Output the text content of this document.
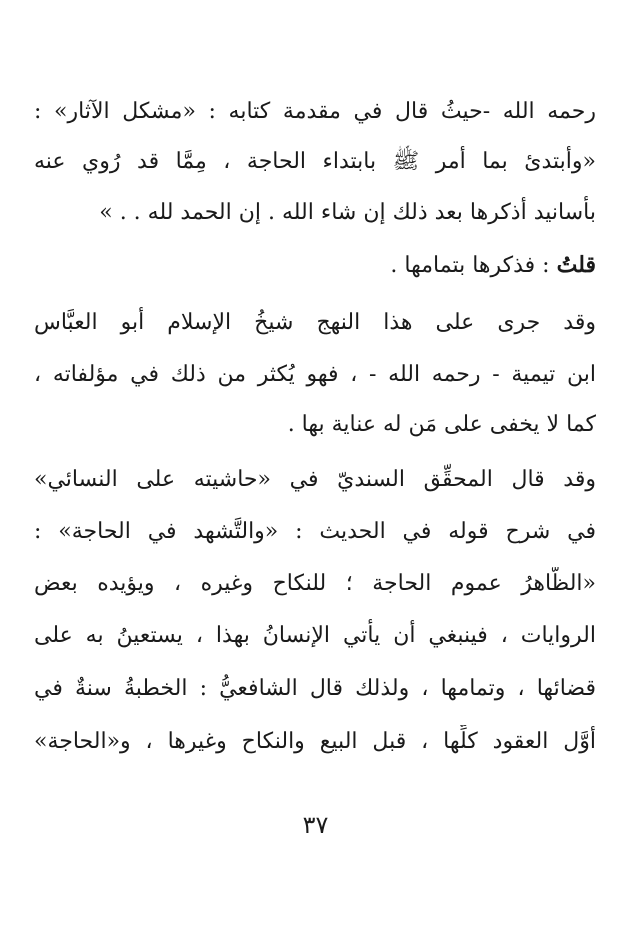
رحمه الله -حيثُ قال في مقدمة كتابه : «مشكل الآثار» :
«وأبتدئ بما أمر ﷺ بابتداء الحاجة ، مِمَّا قد رُوي عنه
بأسانيد أذكرها بعد ذلك إن شاء الله . إن الحمد لله . . »
قلتُ : فذكرها بتمامها .
وقد جرى على هذا النهج شيخُ الإسلام أبو العبَّاس
ابن تيمية - رحمه الله - ، فهو يُكثر من ذلك في مؤلفاته ،
كما لا يخفى على مَن له عناية بها .
وقد قال المحقِّق السنديّ في «حاشيته على النسائي»
في شرح قوله في الحديث : «والتَّشهد في الحاجة» :
«الظَّاهرُ عموم الحاجة ؛ للنكاح وغيره ، ويؤيده بعض
الروايات ، فينبغي أن يأتي الإنسانُ بهذا ، يستعينُ به على
قضائها ، وتمامها ، ولذلك قال الشافعيُّ : الخطبةُ سنةٌ في
أوَّل العقود كلِّها ، قبل البيع والنكاح وغيرها ، و«الحاجة»
٣٧
